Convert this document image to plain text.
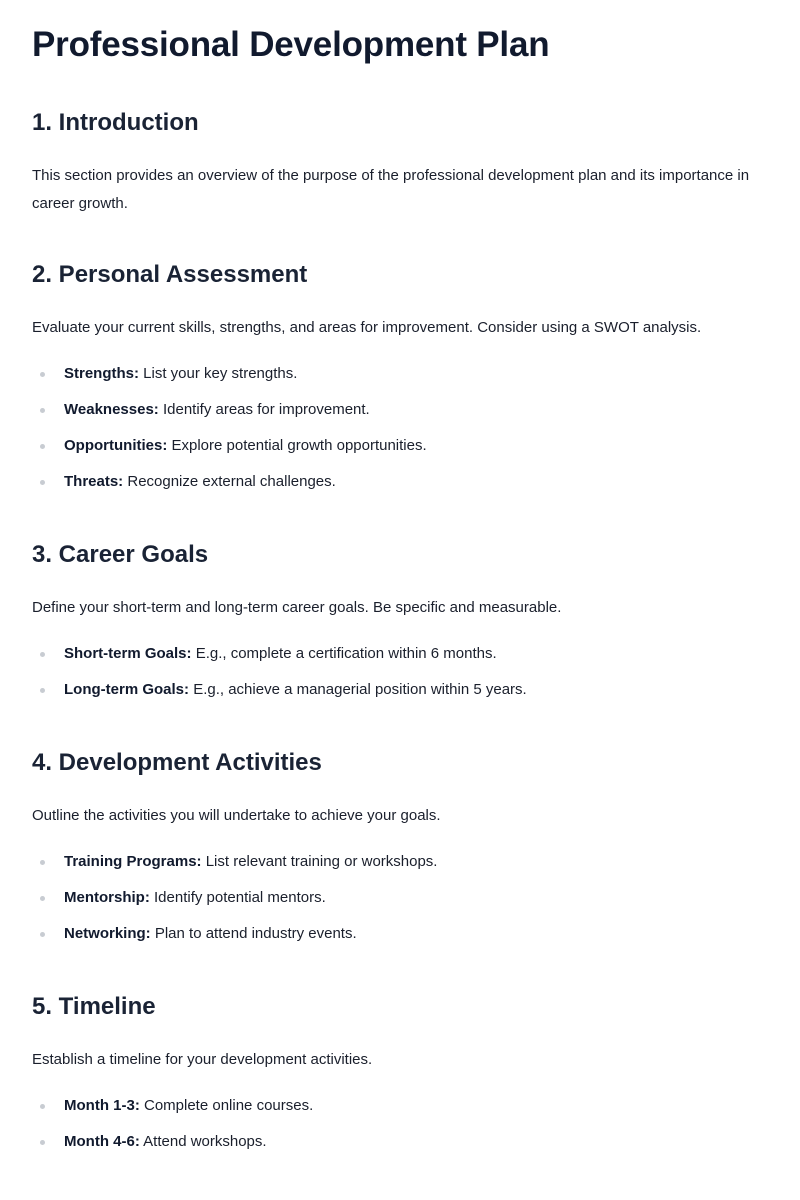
Professional Development Plan
1. Introduction

This section provides an overview of the purpose of the professional development plan and its importance in career growth.

2. Personal Assessment

Evaluate your current skills, strengths, and areas for improvement. Consider using a SWOT analysis.

Strengths: List your key strengths.
Weaknesses: Identify areas for improvement.
Opportunities: Explore potential growth opportunities.
Threats: Recognize external challenges.
3. Career Goals

Define your short-term and long-term career goals. Be specific and measurable.

Short-term Goals: E.g., complete a certification within 6 months.
Long-term Goals: E.g., achieve a managerial position within 5 years.
4. Development Activities

Outline the activities you will undertake to achieve your goals.

Training Programs: List relevant training or workshops.
Mentorship: Identify potential mentors.
Networking: Plan to attend industry events.
5. Timeline

Establish a timeline for your development activities.

Month 1-3: Complete online courses.
Month 4-6: Attend workshops.
